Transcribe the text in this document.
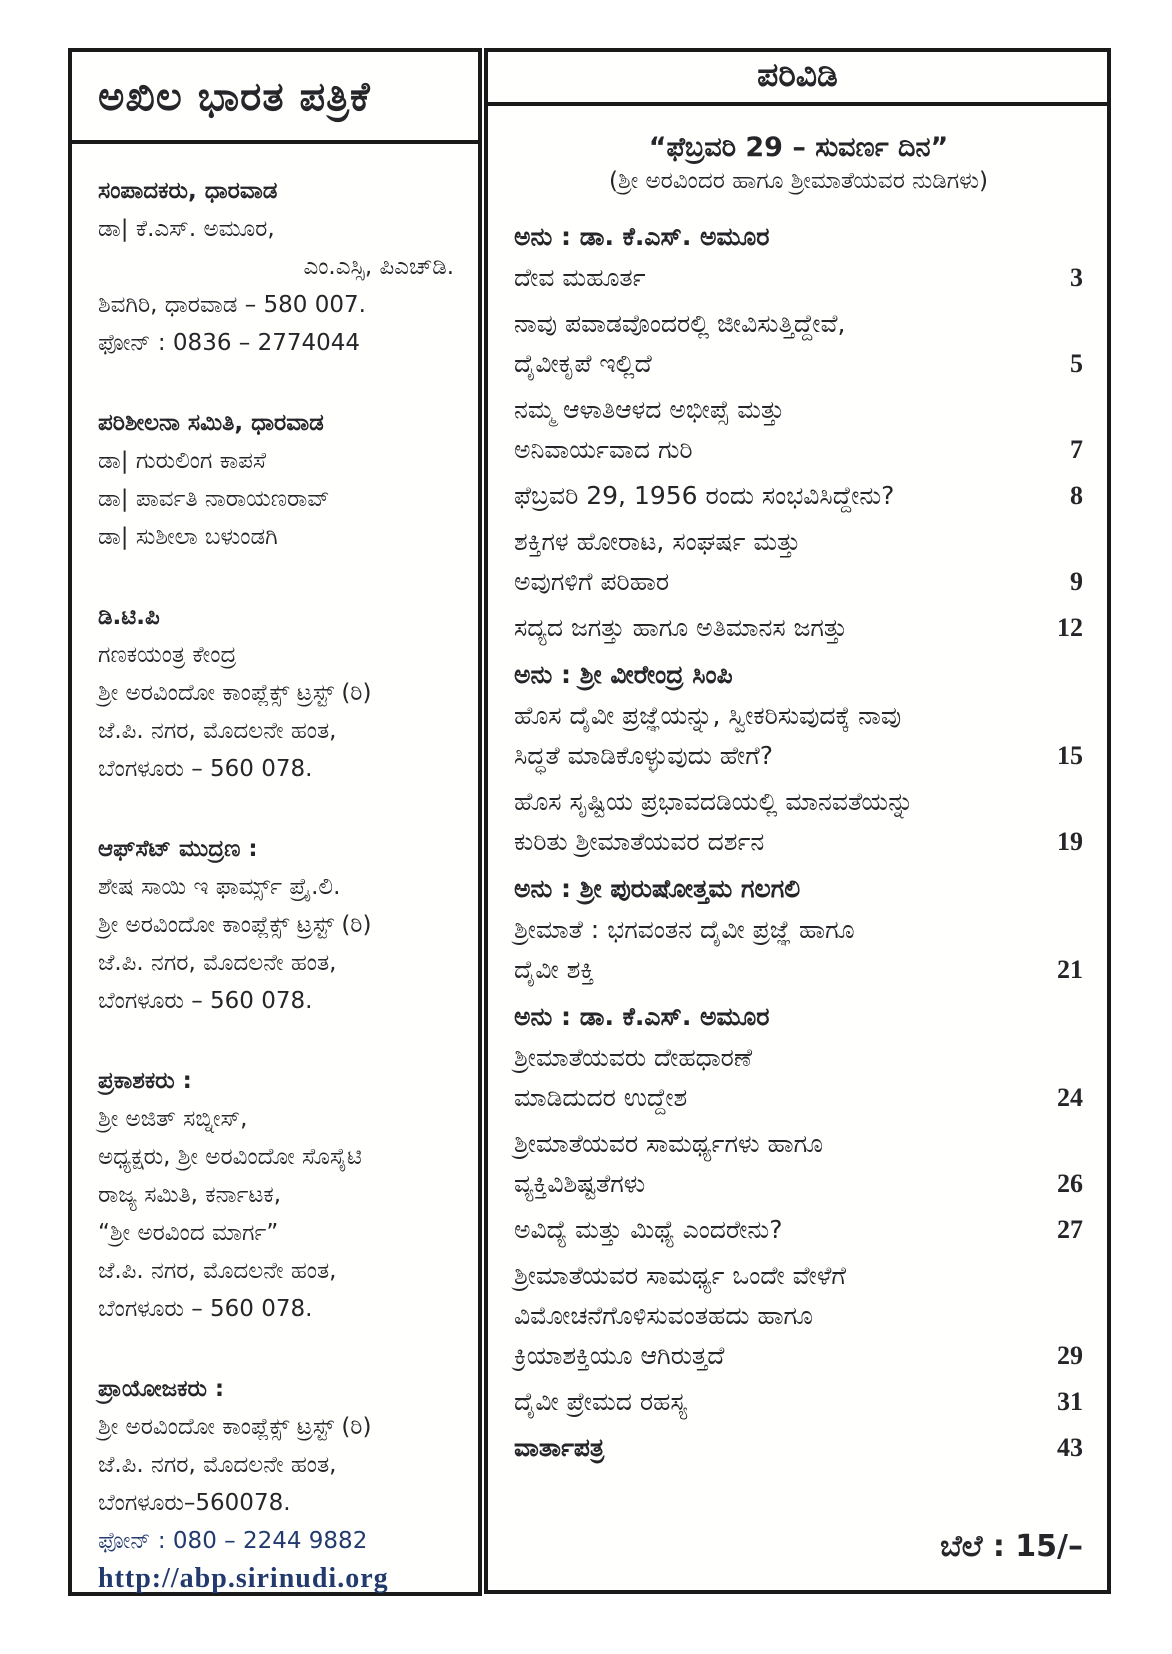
ಅಖಿಲ ಭಾರತ ಪತ್ರಿಕೆ
ಸಂಪಾದಕರು, ಧಾರವಾಡ
ಡಾ| ಕೆ.ಎಸ್. ಅಮೂರ,
ಎಂ.ಎಸ್ಸಿ, ಪಿಎಚ್‌ಡಿ.
ಶಿವಗಿರಿ, ಧಾರವಾಡ – 580 007.
ಫೋನ್ : 0836 – 2774044
ಪರಿಶೀಲನಾ ಸಮಿತಿ, ಧಾರವಾಡ
ಡಾ| ಗುರುಲಿಂಗ ಕಾಪಸೆ
ಡಾ| ಪಾರ್ವತಿ ನಾರಾಯಣರಾವ್
ಡಾ| ಸುಶೀಲಾ ಬಳುಂಡಗಿ
ಡಿ.ಟಿ.ಪಿ
ಗಣಕಯಂತ್ರ ಕೇಂದ್ರ
ಶ್ರೀ ಅರವಿಂದೋ ಕಾಂಪ್ಲೆಕ್ಸ್ ಟ್ರಸ್ಟ್ (ರಿ)
ಜೆ.ಪಿ. ನಗರ, ಮೊದಲನೇ ಹಂತ,
ಬೆಂಗಳೂರು – 560 078.
ಆಫ್‌ಸೆಟ್ ಮುದ್ರಣ :
ಶೇಷ ಸಾಯಿ ಇ ಫಾರ್ಮ್ಸ್ ಪ್ರೈ.ಲಿ.
ಶ್ರೀ ಅರವಿಂದೋ ಕಾಂಪ್ಲೆಕ್ಸ್ ಟ್ರಸ್ಟ್ (ರಿ)
ಜೆ.ಪಿ. ನಗರ, ಮೊದಲನೇ ಹಂತ,
ಬೆಂಗಳೂರು – 560 078.
ಪ್ರಕಾಶಕರು :
ಶ್ರೀ ಅಜಿತ್ ಸಬ್ನೀಸ್,
ಅಧ್ಯಕ್ಷರು, ಶ್ರೀ ಅರವಿಂದೋ ಸೊಸೈಟಿ
ರಾಜ್ಯ ಸಮಿತಿ, ಕರ್ನಾಟಕ,
“ಶ್ರೀ ಅರವಿಂದ ಮಾರ್ಗ”
ಜೆ.ಪಿ. ನಗರ, ಮೊದಲನೇ ಹಂತ,
ಬೆಂಗಳೂರು – 560 078.
ಪ್ರಾಯೋಜಕರು :
ಶ್ರೀ ಅರವಿಂದೋ ಕಾಂಪ್ಲೆಕ್ಸ್ ಟ್ರಸ್ಟ್ (ರಿ)
ಜೆ.ಪಿ. ನಗರ, ಮೊದಲನೇ ಹಂತ,
ಬೆಂಗಳೂರು–560078.
ಫೋನ್ : 080 – 2244 9882
http://abp.sirinudi.org
ಪರಿವಿಡಿ
“ಫೆಬ್ರವರಿ 29 – ಸುವರ್ಣ ದಿನ”
(ಶ್ರೀ ಅರವಿಂದರ ಹಾಗೂ ಶ್ರೀಮಾತೆಯವರ ನುಡಿಗಳು)
ಅನು : ಡಾ. ಕೆ.ಎಸ್. ಅಮೂರ
ದೇವ ಮಹೂರ್ತ	3
ನಾವು ಪವಾಡವೊಂದರಲ್ಲಿ ಜೀವಿಸುತ್ತಿದ್ದೇವೆ,
ದೈವೀಕೃಪೆ ಇಲ್ಲಿದೆ	5
ನಮ್ಮ ಆಳಾತಿಆಳದ ಅಭೀಪ್ಸೆ ಮತ್ತು
ಅನಿವಾರ್ಯವಾದ ಗುರಿ	7
ಫೆಬ್ರವರಿ 29, 1956 ರಂದು ಸಂಭವಿಸಿದ್ದೇನು?	8
ಶಕ್ತಿಗಳ ಹೋರಾಟ, ಸಂಘರ್ಷ ಮತ್ತು
ಅವುಗಳಿಗೆ ಪರಿಹಾರ	9
ಸದ್ಯದ ಜಗತ್ತು ಹಾಗೂ ಅತಿಮಾನಸ ಜಗತ್ತು	12
ಅನು : ಶ್ರೀ ವೀರೇಂದ್ರ ಸಿಂಪಿ
ಹೊಸ ದೈವೀ ಪ್ರಜ್ಞೆಯನ್ನು, ಸ್ವೀಕರಿಸುವುದಕ್ಕೆ ನಾವು
ಸಿದ್ಧತೆ ಮಾಡಿಕೊಳ್ಳುವುದು ಹೇಗೆ?	15
ಹೊಸ ಸೃಷ್ಟಿಯ ಪ್ರಭಾವದಡಿಯಲ್ಲಿ ಮಾನವತೆಯನ್ನು
ಕುರಿತು ಶ್ರೀಮಾತೆಯವರ ದರ್ಶನ	19
ಅನು : ಶ್ರೀ ಪುರುಷೋತ್ತಮ ಗಲಗಲಿ
ಶ್ರೀಮಾತೆ : ಭಗವಂತನ ದೈವೀ ಪ್ರಜ್ಞೆ ಹಾಗೂ
ದೈವೀ ಶಕ್ತಿ	21
ಅನು : ಡಾ. ಕೆ.ಎಸ್. ಅಮೂರ
ಶ್ರೀಮಾತೆಯವರು ದೇಹಧಾರಣೆ
ಮಾಡಿದುದರ ಉದ್ದೇಶ	24
ಶ್ರೀಮಾತೆಯವರ ಸಾಮರ್ಥ್ಯಗಳು ಹಾಗೂ
ವ್ಯಕ್ತಿವಿಶಿಷ್ಟತೆಗಳು	26
ಅವಿದ್ಯೆ ಮತ್ತು ಮಿಥ್ಯೆ ಎಂದರೇನು?	27
ಶ್ರೀಮಾತೆಯವರ ಸಾಮರ್ಥ್ಯ ಒಂದೇ ವೇಳೆಗೆ
ವಿಮೋಚನೆಗೊಳಿಸುವಂತಹದು ಹಾಗೂ
ಕ್ರಿಯಾಶಕ್ತಿಯೂ ಆಗಿರುತ್ತದೆ	29
ದೈವೀ ಪ್ರೇಮದ ರಹಸ್ಯ	31
ವಾರ್ತಾಪತ್ರ	43
ಬೆಲೆ : 15/–
